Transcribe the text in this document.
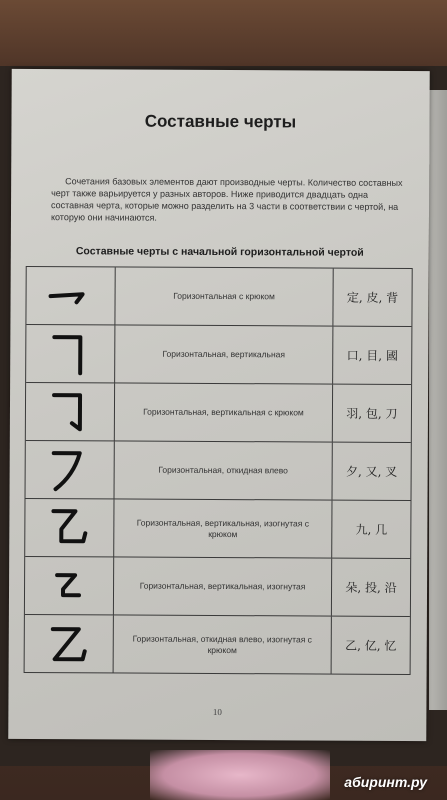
Составные черты
Сочетания базовых элементов дают производные черты. Количество составных черт также варьируется у разных авторов. Ниже приводится двадцать одна составная черта, которые можно разделить на 3 части в соответствии с чертой, на которую они начинаются.
Составные черты с начальной горизонтальной чертой
Горизонтальная с крюком	定, 皮, 背
Горизонтальная, вертикальная	口, 目, 國
Горизонтальная, вертикальная с крюком	羽, 包, 刀
Горизонтальная, откидная влево	夕, 又, 叉
Горизонтальная, вертикальная, изогнутая с крюком	九, 几
Горизонтальная, вертикальная, изогнутая	朵, 投, 沿
Горизонтальная, откидная влево, изогнутая с крюком	乙, 亿, 忆
10
абиринт.ру
